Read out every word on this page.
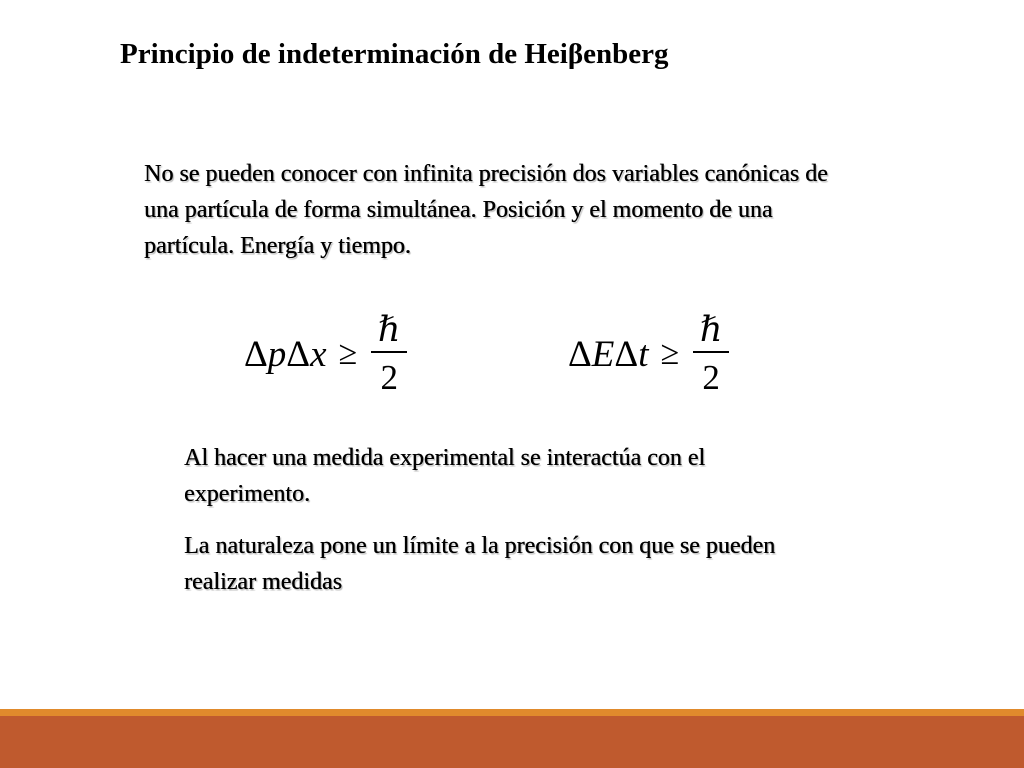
Principio de indeterminación de Heiβenberg
No se pueden conocer con infinita precisión dos variables canónicas de una partícula de forma simultánea. Posición y el momento de una partícula. Energía y tiempo.
$\Delta p\Delta x \ge \frac{\text{ℏ}}{2}$	$\Delta E\Delta t \ge \frac{\text{ℏ}}{2}$
Al hacer una medida experimental se interactúa con el experimento.
La naturaleza pone un límite a la precisión con que se pueden realizar medidas
